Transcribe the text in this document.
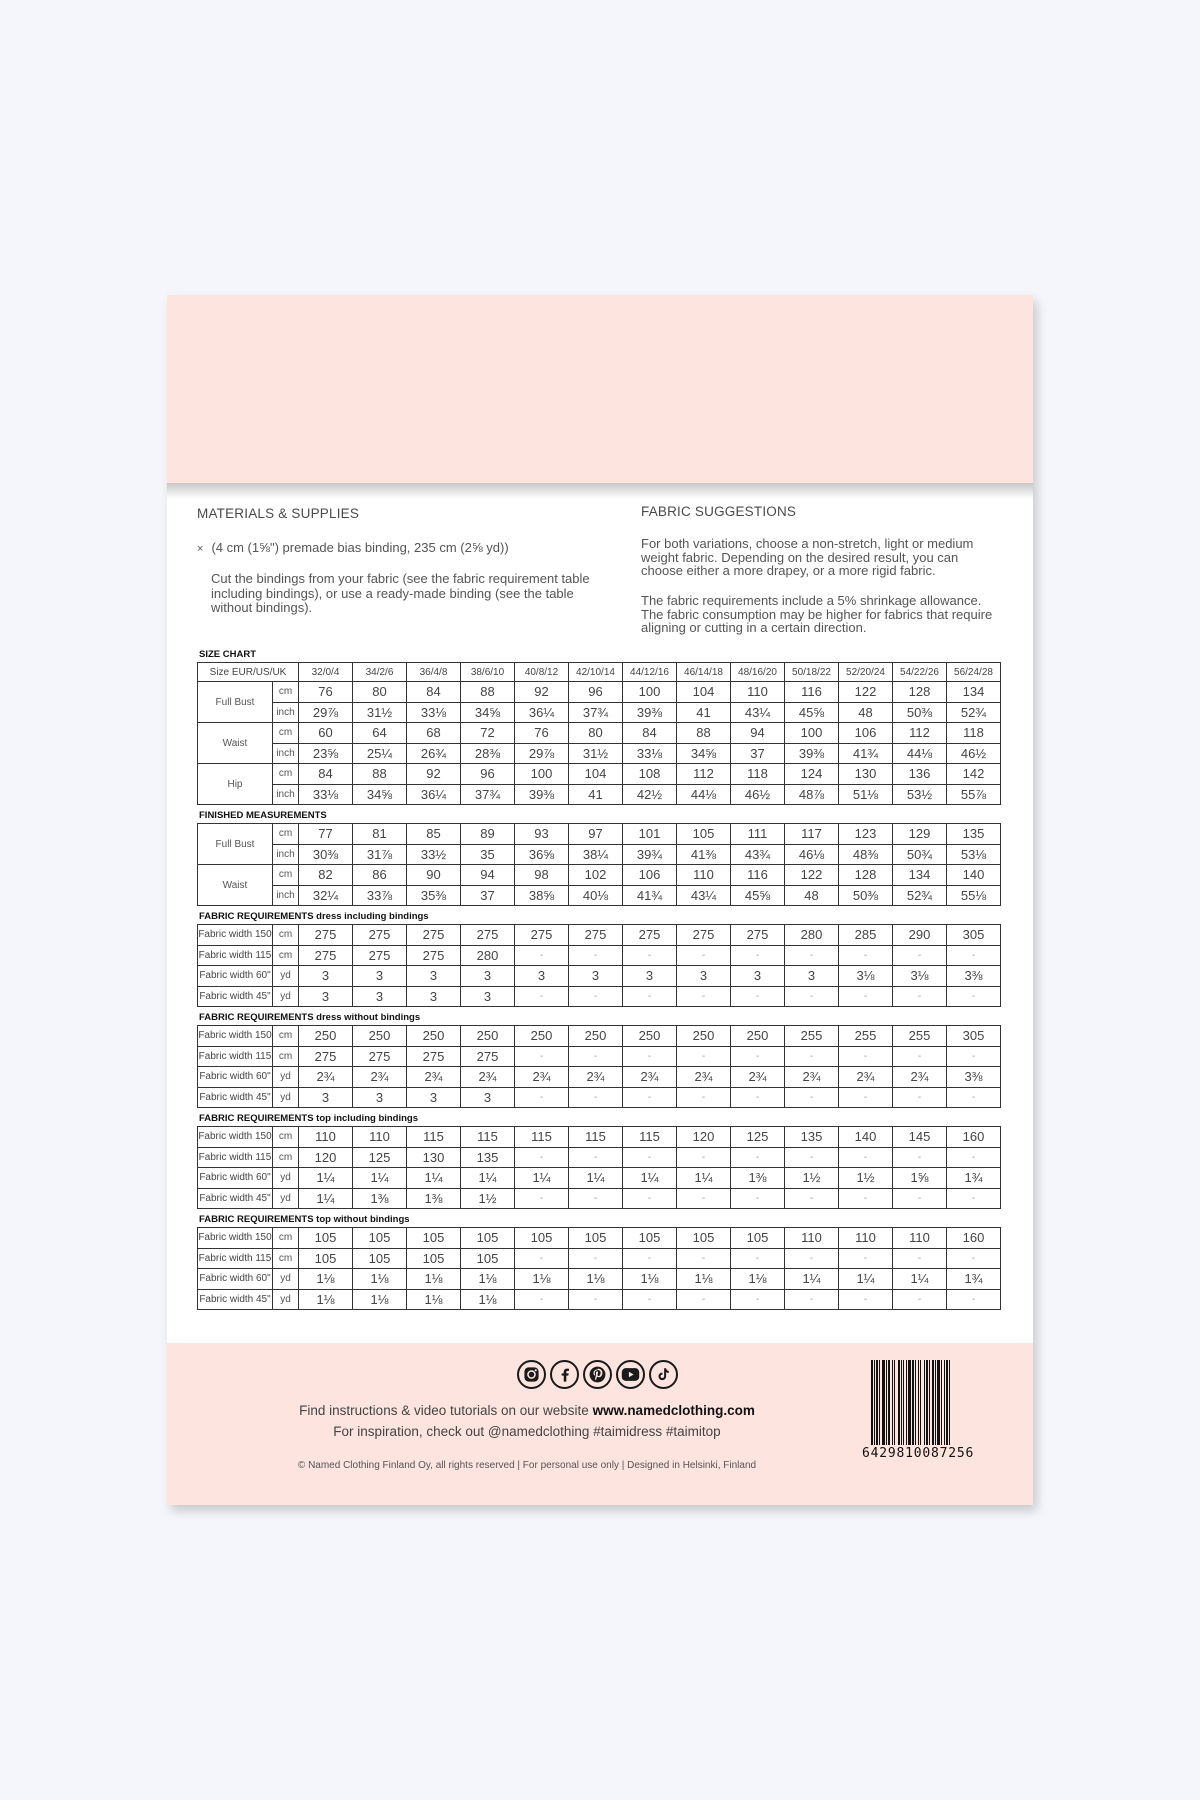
MATERIALS & SUPPLIES
× (4 cm (1⅝") premade bias binding, 235 cm (2⅝ yd))
Cut the bindings from your fabric (see the fabric requirement table including bindings), or use a ready-made binding (see the table without bindings).
FABRIC SUGGESTIONS
For both variations, choose a non-stretch, light or medium weight fabric. Depending on the desired result, you can choose either a more drapey, or a more rigid fabric.
The fabric requirements include a 5% shrinkage allowance. The fabric consumption may be higher for fabrics that require aligning or cutting in a certain direction.
SIZE CHART
Size EUR/US/UK		32/0/4	34/2/6	36/4/8	38/6/10	40/8/12	42/10/14	44/12/16	46/14/18	48/16/20	50/18/22	52/20/24	54/22/26	56/24/28
Full Bust	cm	76	80	84	88	92	96	100	104	110	116	122	128	134
	inch	29⅞	31½	33⅛	34⅝	36¼	37¾	39⅜	41	43¼	45⅝	48	50⅜	52¾
Waist	cm	60	64	68	72	76	80	84	88	94	100	106	112	118
	inch	23⅝	25¼	26¾	28⅜	29⅞	31½	33⅛	34⅝	37	39⅜	41¾	44⅛	46½
Hip	cm	84	88	92	96	100	104	108	112	118	124	130	136	142
	inch	33⅛	34⅝	36¼	37¾	39⅜	41	42½	44⅛	46½	48⅞	51⅛	53½	55⅞
FINISHED MEASUREMENTS
Full Bust	cm	77	81	85	89	93	97	101	105	111	117	123	129	135
	inch	30⅜	31⅞	33½	35	36⅝	38¼	39¾	41⅜	43¾	46⅛	48⅜	50¾	53⅛
Waist	cm	82	86	90	94	98	102	106	110	116	122	128	134	140
	inch	32¼	33⅞	35⅜	37	38⅝	40⅛	41¾	43¼	45⅝	48	50⅜	52¾	55⅛
FABRIC REQUIREMENTS dress including bindings
Fabric width 150	cm	275	275	275	275	275	275	275	275	275	280	285	290	305
Fabric width 115	cm	275	275	275	280	-	-	-	-	-	-	-	-	-
Fabric width 60"	yd	3	3	3	3	3	3	3	3	3	3	3⅛	3⅛	3⅜
Fabric width 45"	yd	3	3	3	3	-	-	-	-	-	-	-	-	-
FABRIC REQUIREMENTS dress without bindings
Fabric width 150	cm	250	250	250	250	250	250	250	250	250	255	255	255	305
Fabric width 115	cm	275	275	275	275	-	-	-	-	-	-	-	-	-
Fabric width 60"	yd	2¾	2¾	2¾	2¾	2¾	2¾	2¾	2¾	2¾	2¾	2¾	2¾	3⅜
Fabric width 45"	yd	3	3	3	3	-	-	-	-	-	-	-	-	-
FABRIC REQUIREMENTS top including bindings
Fabric width 150	cm	110	110	115	115	115	115	115	120	125	135	140	145	160
Fabric width 115	cm	120	125	130	135	-	-	-	-	-	-	-	-	-
Fabric width 60"	yd	1¼	1¼	1¼	1¼	1¼	1¼	1¼	1¼	1⅜	1½	1½	1⅝	1¾
Fabric width 45"	yd	1¼	1⅜	1⅜	1½	-	-	-	-	-	-	-	-	-
FABRIC REQUIREMENTS top without bindings
Fabric width 150	cm	105	105	105	105	105	105	105	105	105	110	110	110	160
Fabric width 115	cm	105	105	105	105	-	-	-	-	-	-	-	-	-
Fabric width 60"	yd	1⅛	1⅛	1⅛	1⅛	1⅛	1⅛	1⅛	1⅛	1⅛	1¼	1¼	1¼	1¾
Fabric width 45"	yd	1⅛	1⅛	1⅛	1⅛	-	-	-	-	-	-	-	-	-
Find instructions & video tutorials on our website www.namedclothing.com
For inspiration, check out @namedclothing #taimidress #taimitop
© Named Clothing Finland Oy, all rights reserved | For personal use only | Designed in Helsinki, Finland
6429810087256
